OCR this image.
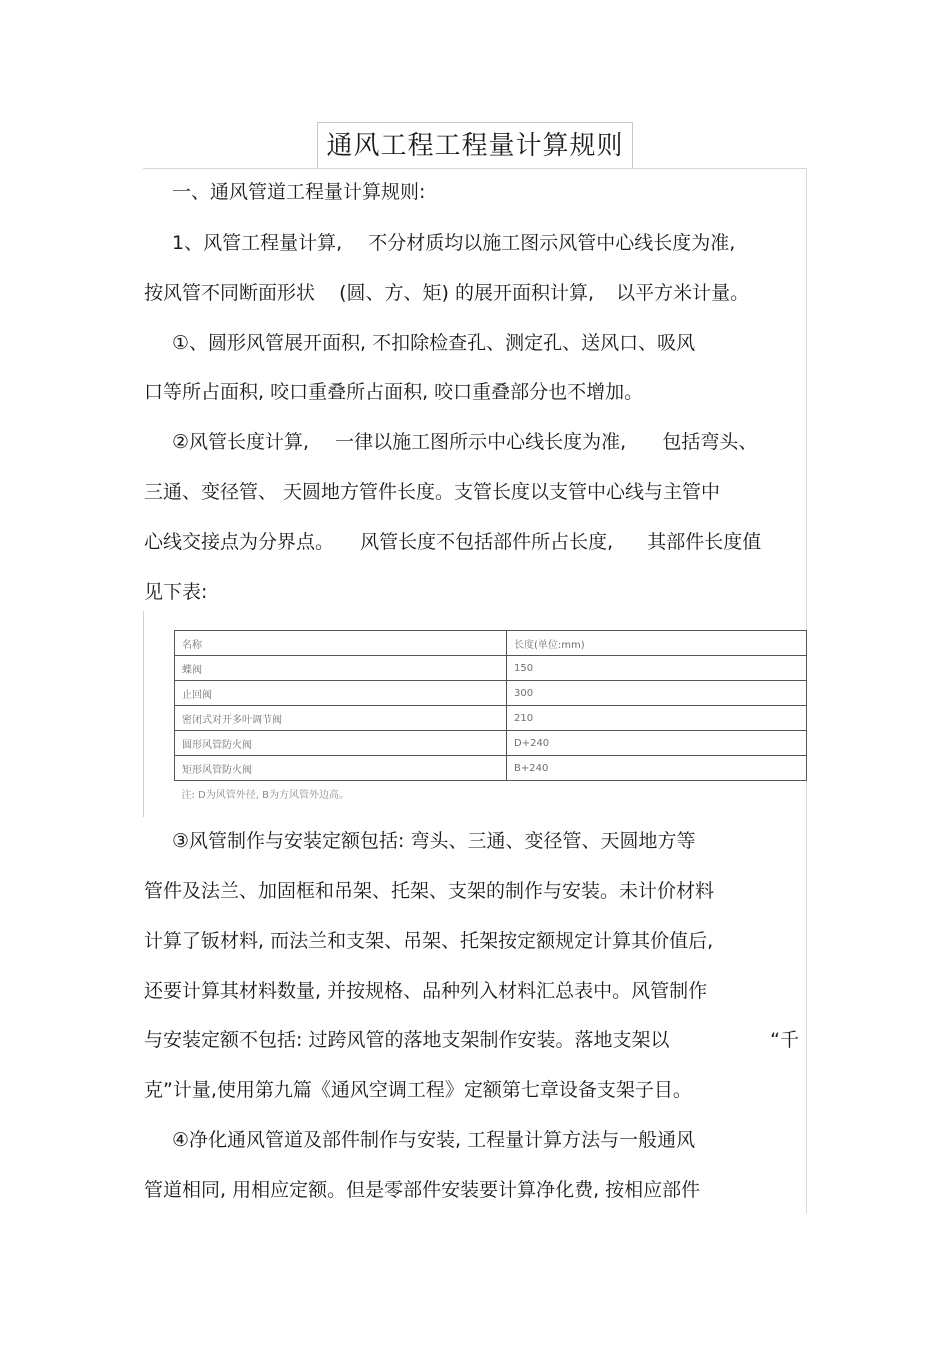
通风工程工程量计算规则
一、通风管道工程量计算规则:
1、风管工程量计算, 不分材质均以施工图示风管中心线长度为准,
按风管不同断面形状 (圆、方、矩) 的展开面积计算, 以平方米计量。
①、圆形风管展开面积, 不扣除检查孔、测定孔、送风口、吸风
口等所占面积, 咬口重叠所占面积, 咬口重叠部分也不增加。
②风管长度计算, 一律以施工图所示中心线长度为准, 包括弯头、
三通、变径管、 天圆地方管件长度。支管长度以支管中心线与主管中
心线交接点为分界点。 风管长度不包括部件所占长度, 其部件长度值
见下表:
名称	长度(单位:mm)
蝶阀	150
止回阀	300
密闭式对开多叶调节阀	210
圆形风管防火阀	D+240
矩形风管防火阀	B+240
注: D为风管外径, B为方风管外边高。	
③风管制作与安装定额包括: 弯头、三通、变径管、天圆地方等
管件及法兰、加固框和吊架、托架、支架的制作与安装。未计价材料
计算了钣材料, 而法兰和支架、吊架、托架按定额规定计算其价值后,
还要计算其材料数量, 并按规格、品种列入材料汇总表中。风管制作
与安装定额不包括: 过跨风管的落地支架制作安装。落地支架以	“千
克”计量,使用第九篇《通风空调工程》定额第七章设备支架子目。
④净化通风管道及部件制作与安装, 工程量计算方法与一般通风
管道相同, 用相应定额。但是零部件安装要计算净化费, 按相应部件
